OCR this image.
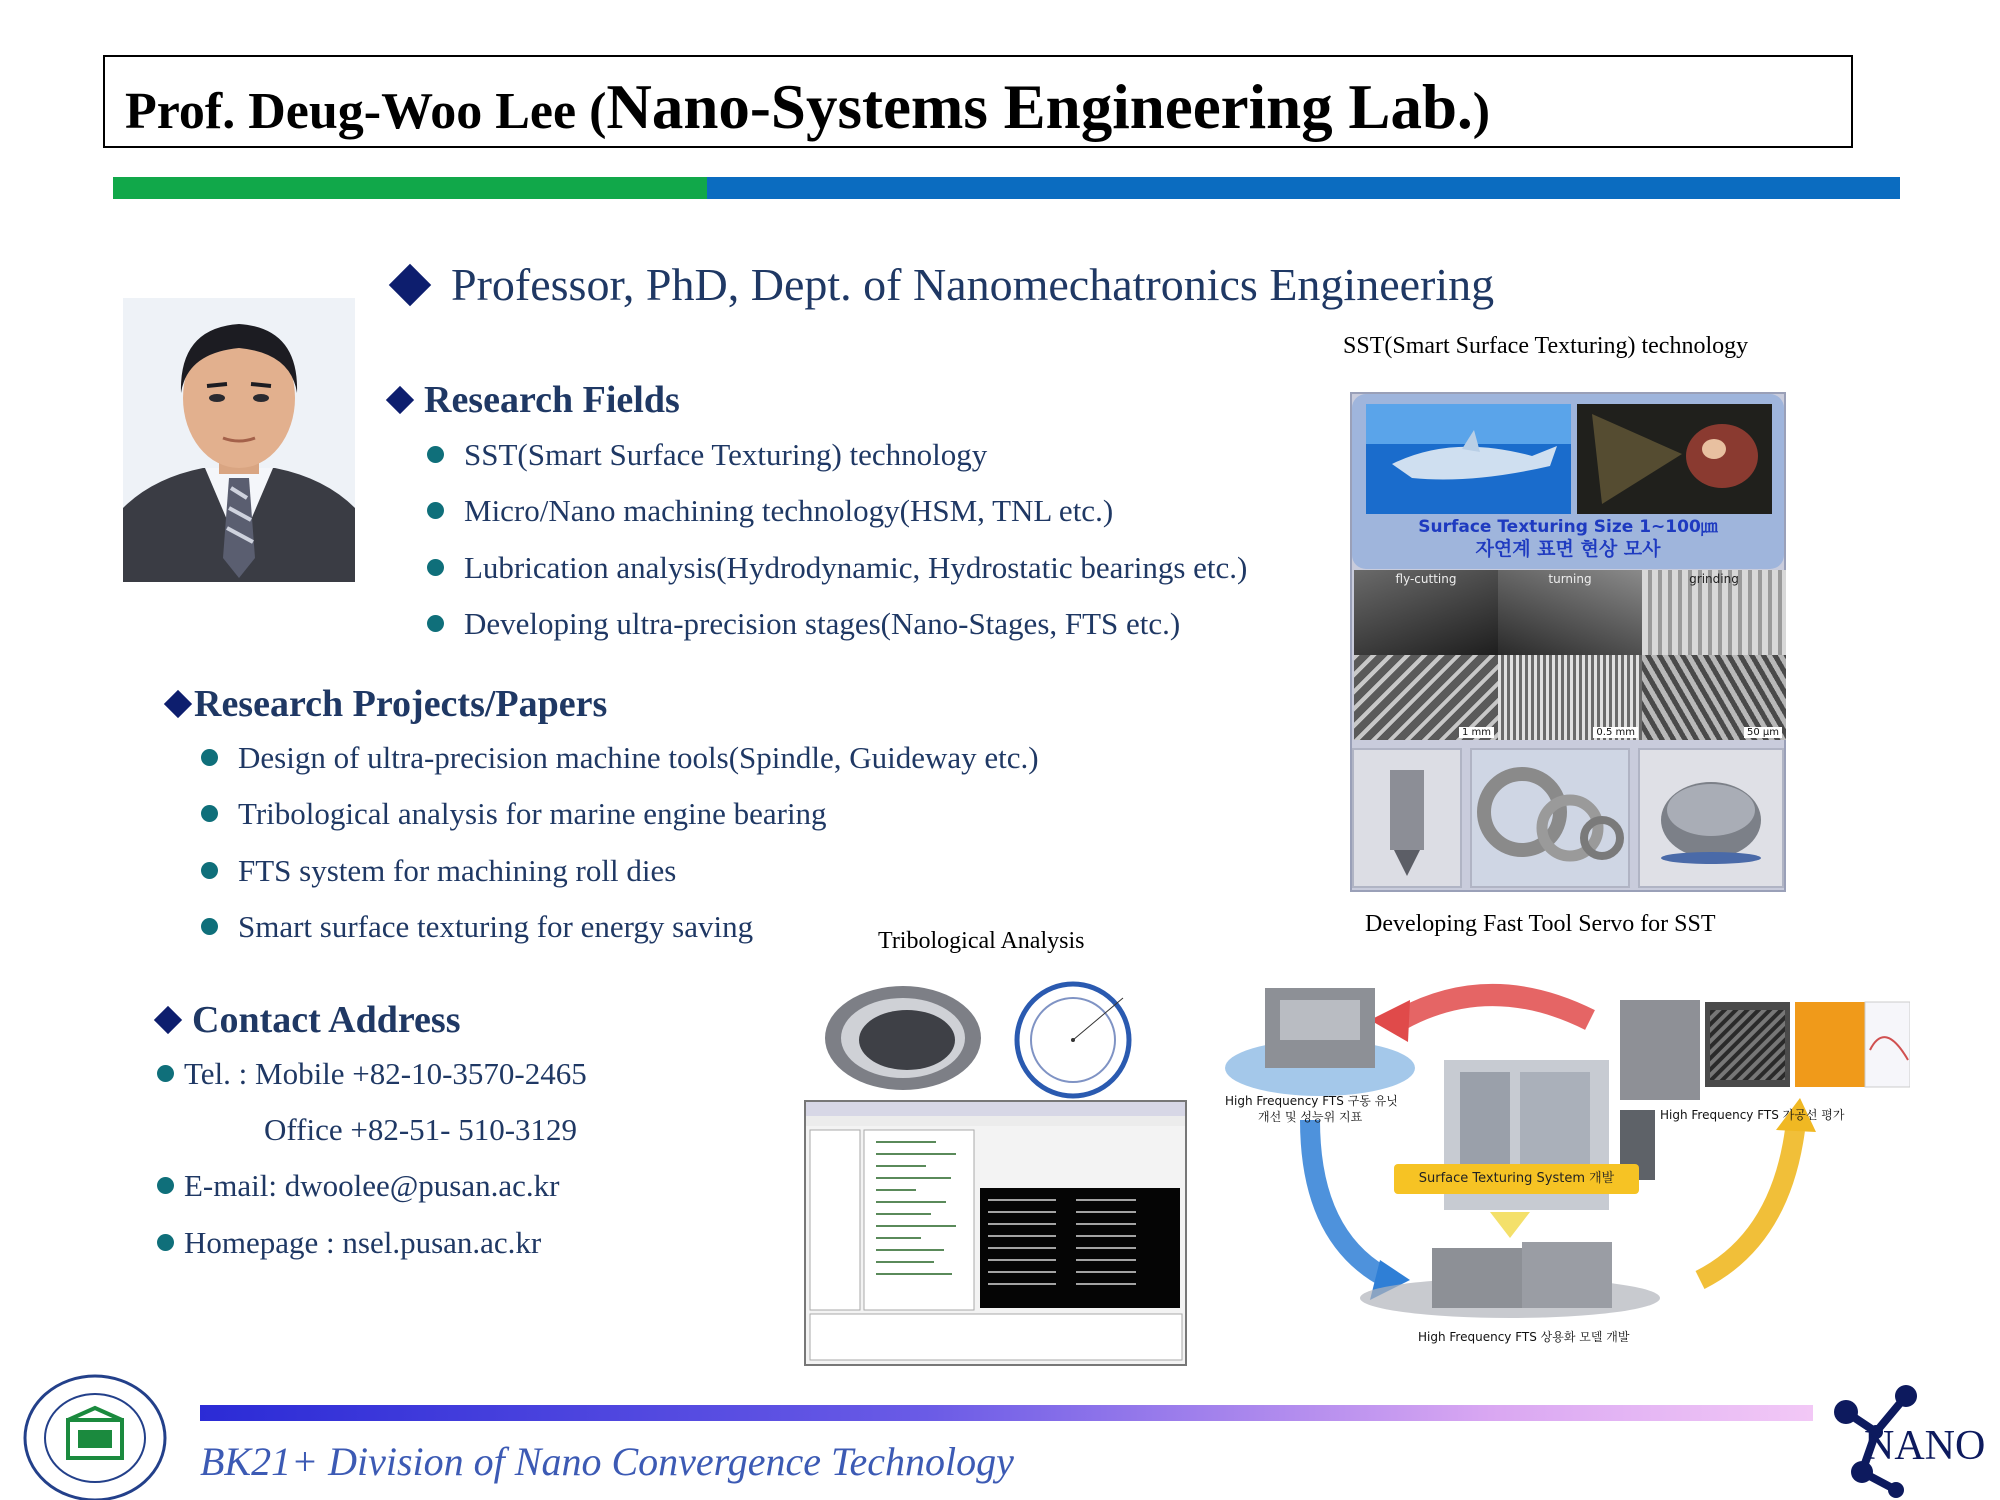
Prof. Deug-Woo Lee (Nano-Systems Engineering Lab.)
Professor, PhD, Dept. of Nanomechatronics Engineering
Research Fields
SST(Smart Surface Texturing) technology
Micro/Nano machining technology(HSM, TNL etc.)
Lubrication analysis(Hydrodynamic, Hydrostatic bearings etc.)
Developing ultra-precision stages(Nano-Stages, FTS etc.)
Research Projects/Papers
Design of ultra-precision machine tools(Spindle, Guideway etc.)
Tribological analysis for marine engine bearing
FTS system for machining roll dies
Smart surface texturing for energy saving
Contact Address
Tel. : Mobile +82-10-3570-2465
Office +82-51- 510-3129
E-mail: dwoolee@pusan.ac.kr
Homepage : nsel.pusan.ac.kr
SST(Smart Surface Texturing) technology
Surface Texturing Size 1~100㎛
자연계 표면 현상 모사
fly-cutting	turning	grinding
1 mm	0.5 mm	50 μm
Tribological Analysis
Developing Fast Tool Servo for SST
High Frequency FTS 구동 유닛
개선 및 성능위 지표	High Frequency FTS 가공선 평가
Surface Texturing System 개발
High Frequency FTS 상용화 모델 개발
BK21+ Division of Nano Convergence Technology	NANO
